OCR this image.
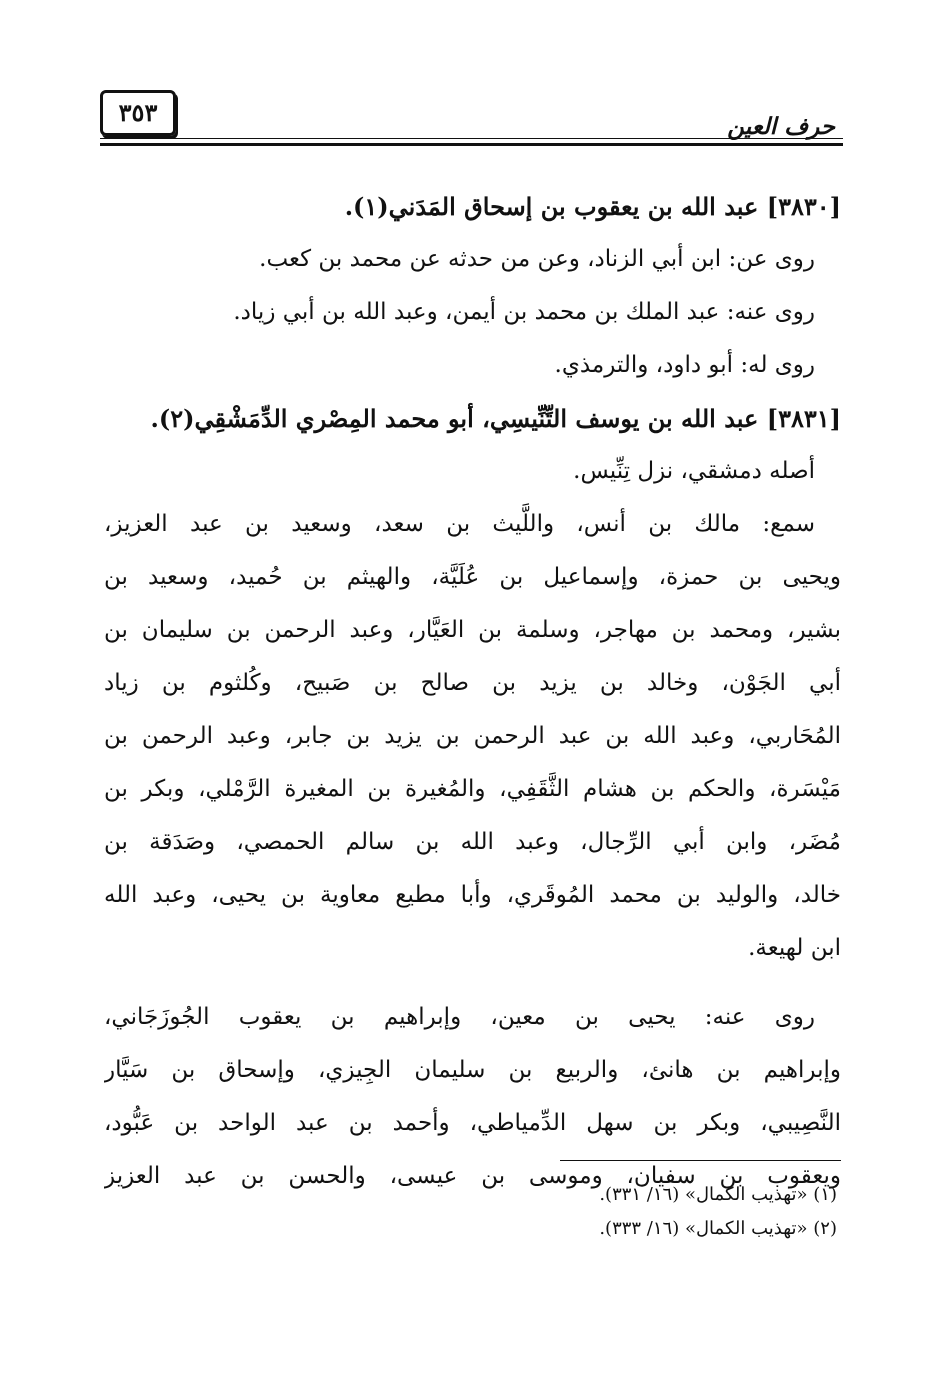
حرف العين
٣٥٣
[٣٨٣٠] عبد الله بن يعقوب بن إسحاق المَدَني(١).
روى عن: ابن أبي الزناد، وعن من حدثه عن محمد بن كعب.
روى عنه: عبد الملك بن محمد بن أيمن، وعبد الله بن أبي زياد.
روى له: أبو داود، والترمذي.
[٣٨٣١] عبد الله بن يوسف التِّنِّيسِي، أبو محمد المِصْري الدِّمَشْقِي(٢).
أصله دمشقي، نزل تِنِّيس.
سمع: مالك بن أنس، واللَّيث بن سعد، وسعيد بن عبد العزيز،
ويحيى بن حمزة، وإسماعيل بن عُلَيَّة، والهيثم بن حُميد، وسعيد بن
بشير، ومحمد بن مهاجر، وسلمة بن العَيَّار، وعبد الرحمن بن سليمان بن
أبي الجَوْن، وخالد بن يزيد بن صالح بن صَبيح، وكُلثوم بن زياد
المُحَاربي، وعبد الله بن عبد الرحمن بن يزيد بن جابر، وعبد الرحمن بن
مَيْسَرة، والحكم بن هشام الثَّقَفِي، والمُغيرة بن المغيرة الرَّمْلي، وبكر بن
مُضَر، وابن أبي الرِّجال، وعبد الله بن سالم الحمصي، وصَدَقة بن
خالد، والوليد بن محمد المُوقَري، وأبا مطيع معاوية بن يحيى، وعبد الله
ابن لهيعة.
روى عنه: يحيى بن معين، وإبراهيم بن يعقوب الجُوزَجَاني،
وإبراهيم بن هانئ، والربيع بن سليمان الجِيزي، وإسحاق بن سَيَّار
النَّصِيبي، وبكر بن سهل الدِّمياطي، وأحمد بن عبد الواحد بن عَبُّود،
ويعقوب بن سفيان، وموسى بن عيسى، والحسن بن عبد العزيز
(١) «تهذيب الكمال» (١٦/ ٣٣١).
(٢) «تهذيب الكمال» (١٦/ ٣٣٣).
